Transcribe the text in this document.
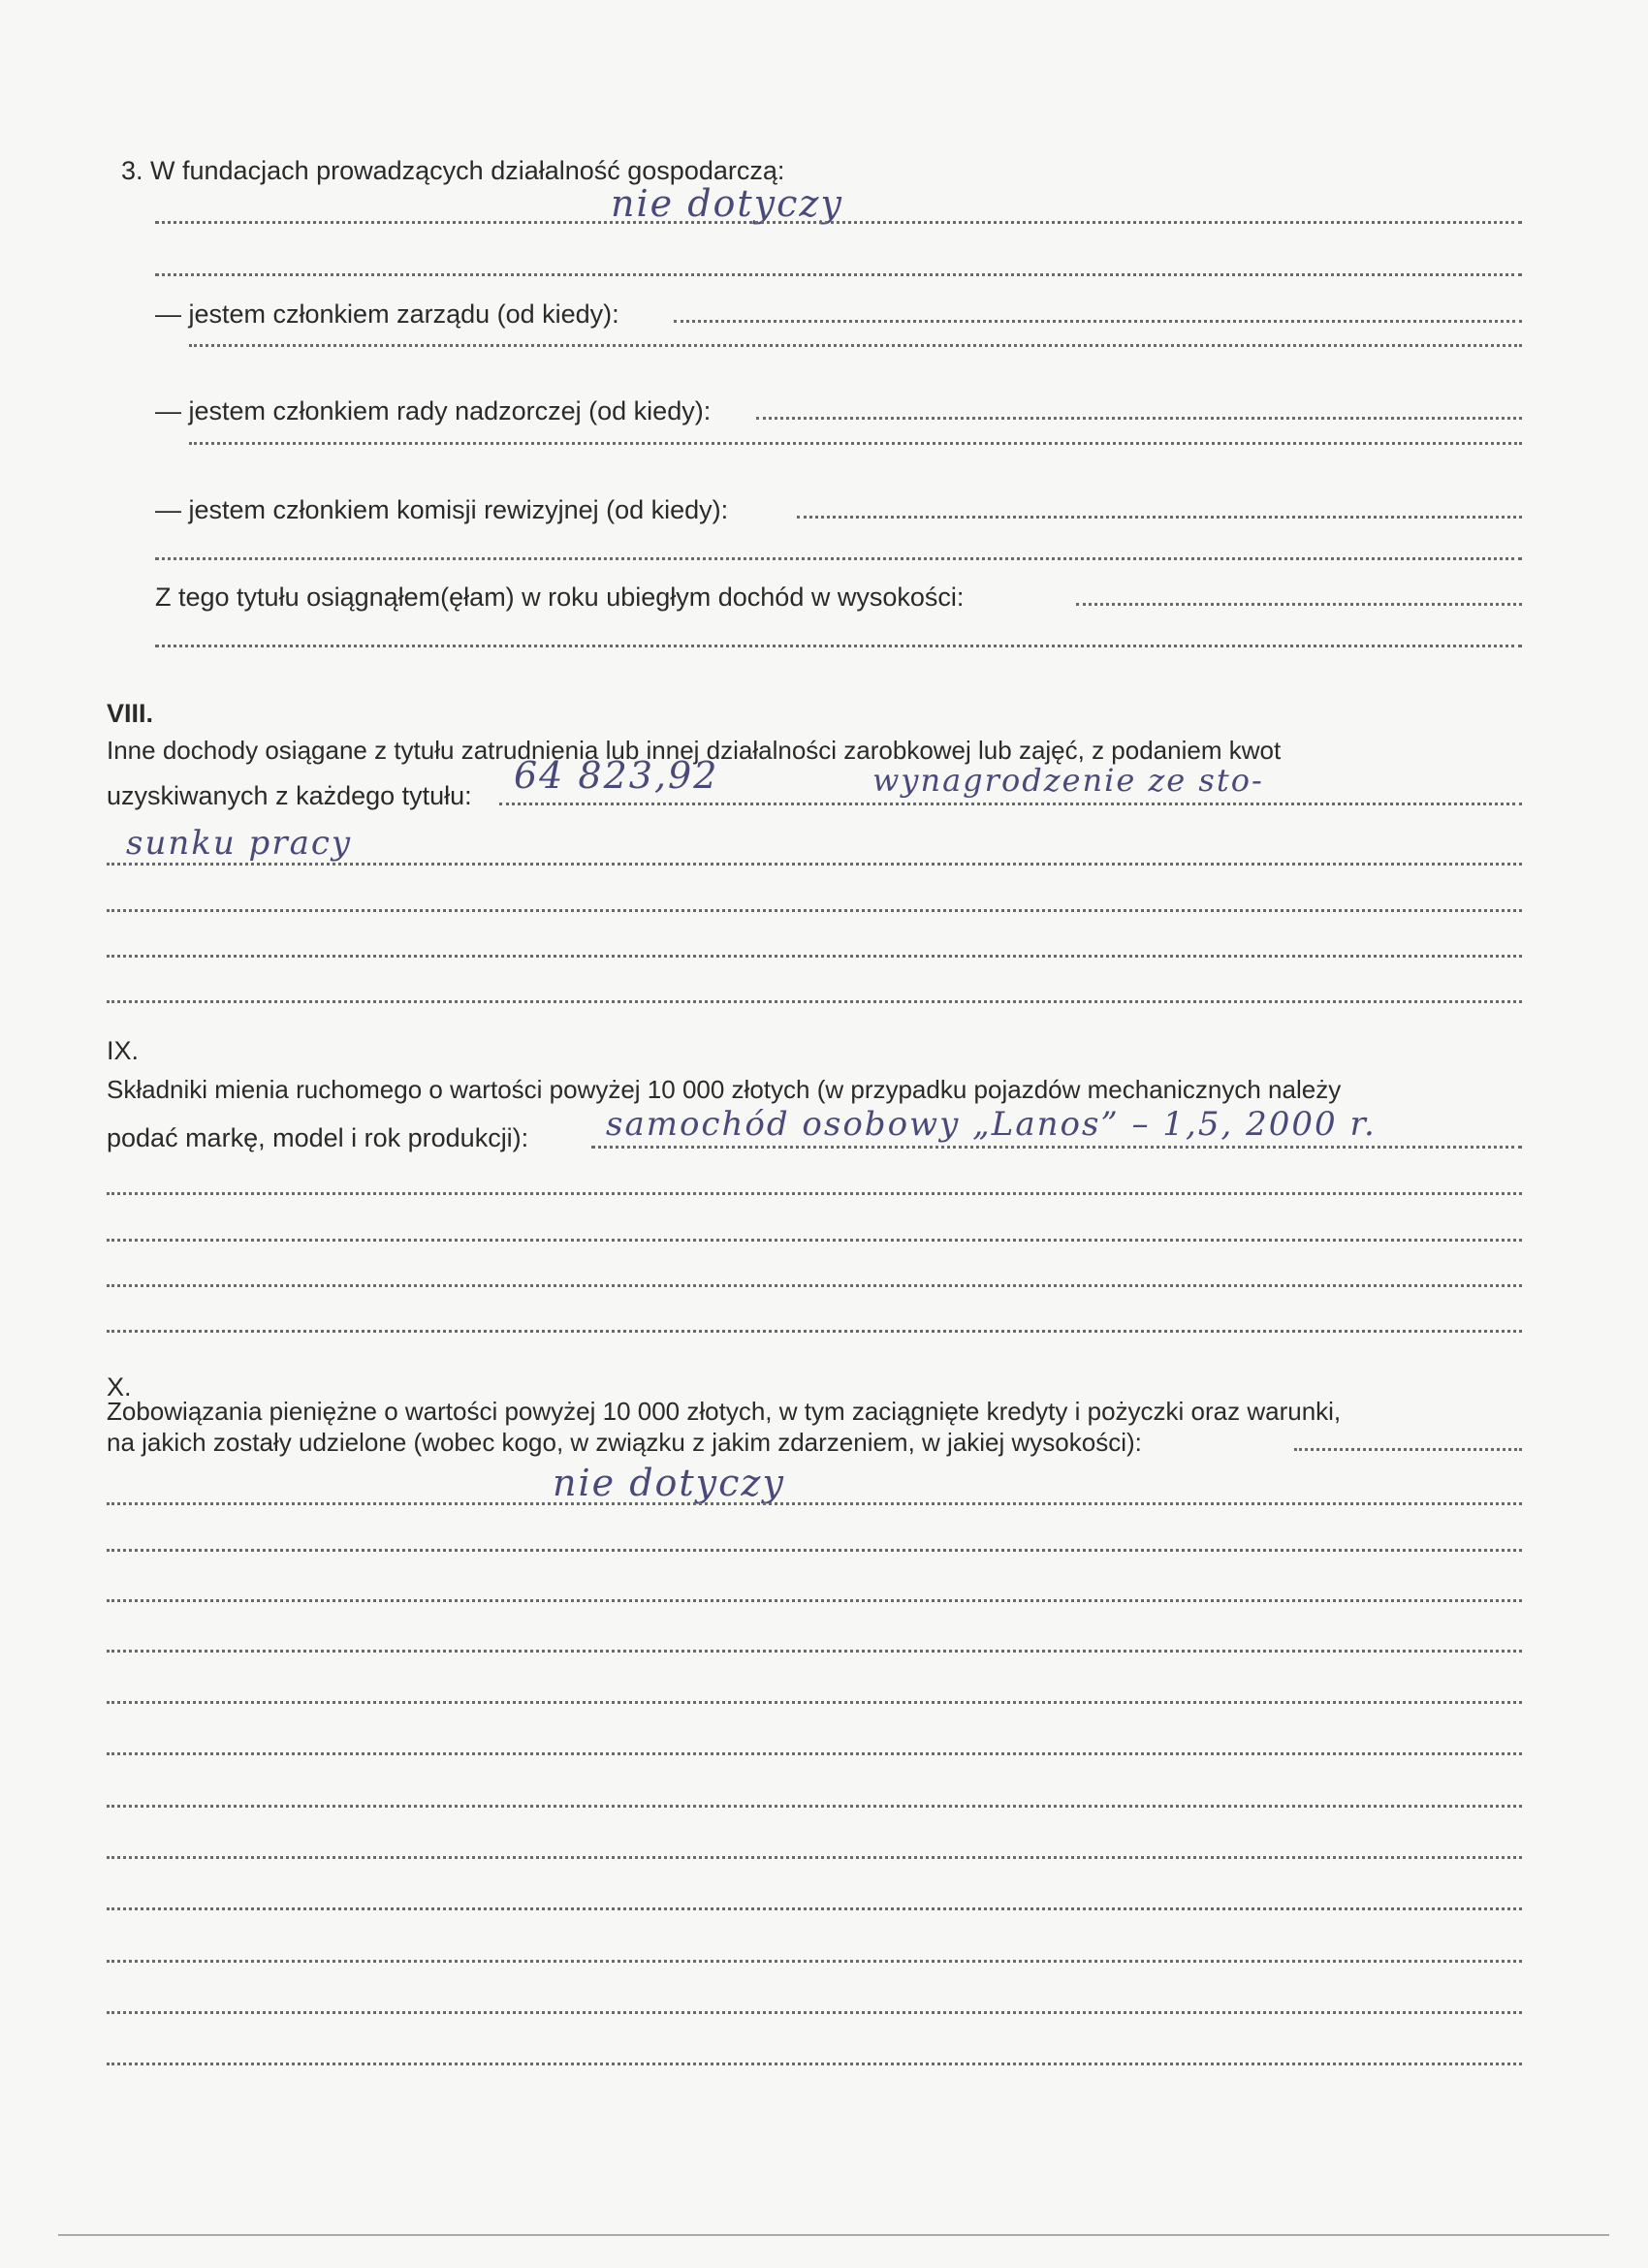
3. W fundacjach prowadzących działalność gospodarczą:
nie dotyczy
— jestem członkiem zarządu (od kiedy):
— jestem członkiem rady nadzorczej (od kiedy):
— jestem członkiem komisji rewizyjnej (od kiedy):
Z tego tytułu osiągnąłem(ęłam) w roku ubiegłym dochód w wysokości:
VIII.
Inne dochody osiągane z tytułu zatrudnienia lub innej działalności zarobkowej lub zajęć, z podaniem kwot
uzyskiwanych z każdego tytułu: 64 823,92	wynagrodzenie ze sto-
sunku pracy
IX.
Składniki mienia ruchomego o wartości powyżej 10 000 złotych (w przypadku pojazdów mechanicznych należy
podać markę, model i rok produkcji): samochód osobowy „Lanos” – 1,5, 2000 r.
X.
Zobowiązania pieniężne o wartości powyżej 10 000 złotych, w tym zaciągnięte kredyty i pożyczki oraz warunki,
na jakich zostały udzielone (wobec kogo, w związku z jakim zdarzeniem, w jakiej wysokości):
nie dotyczy
